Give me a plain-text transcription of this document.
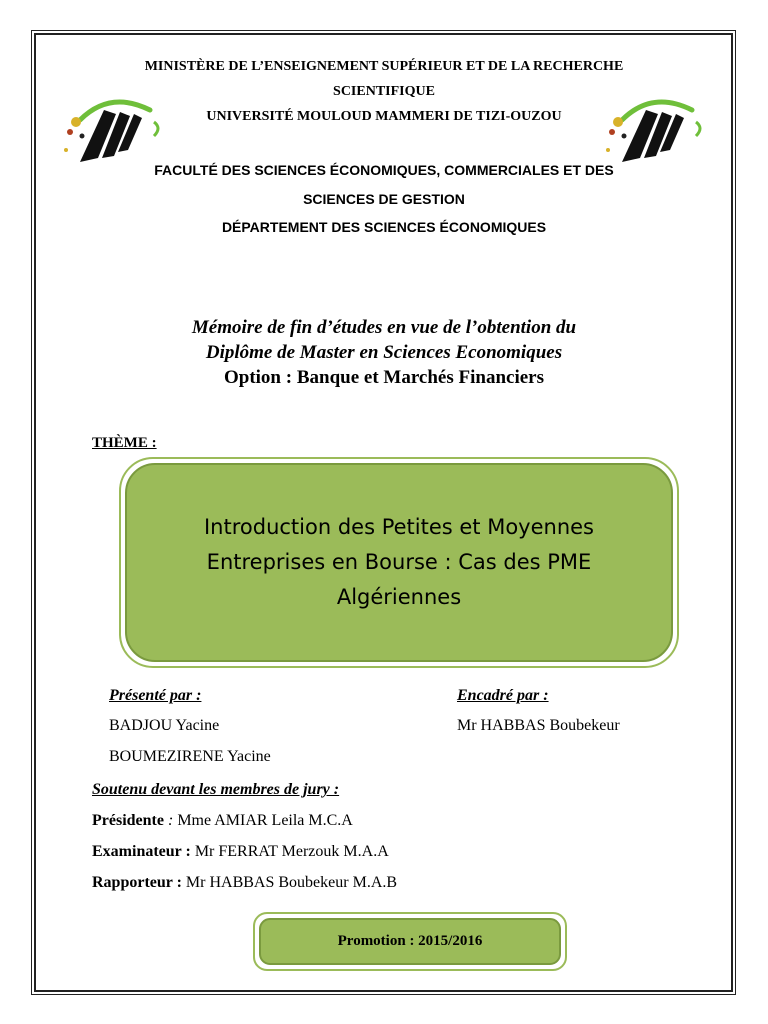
MINISTÈRE DE L’ENSEIGNEMENT SUPÉRIEUR ET DE LA RECHERCHE
SCIENTIFIQUE
UNIVERSITÉ MOULOUD MAMMERI DE TIZI-OUZOU
FACULTÉ DES SCIENCES ÉCONOMIQUES, COMMERCIALES ET DES
SCIENCES DE GESTION
DÉPARTEMENT DES SCIENCES ÉCONOMIQUES
Mémoire de fin d’études en vue de l’obtention du
Diplôme de Master en Sciences Economiques
Option : Banque et Marchés Financiers
THÈME :
Introduction des Petites et Moyennes Entreprises en Bourse : Cas des PME Algériennes
Présenté par :	Encadré par :
BADJOU Yacine
BOUMEZIRENE Yacine
Mr HABBAS Boubekeur
Soutenu devant les membres de jury :
Présidente : Mme AMIAR Leila M.C.A
Examinateur : Mr FERRAT Merzouk M.A.A
Rapporteur : Mr HABBAS Boubekeur M.A.B
Promotion : 2015/2016
